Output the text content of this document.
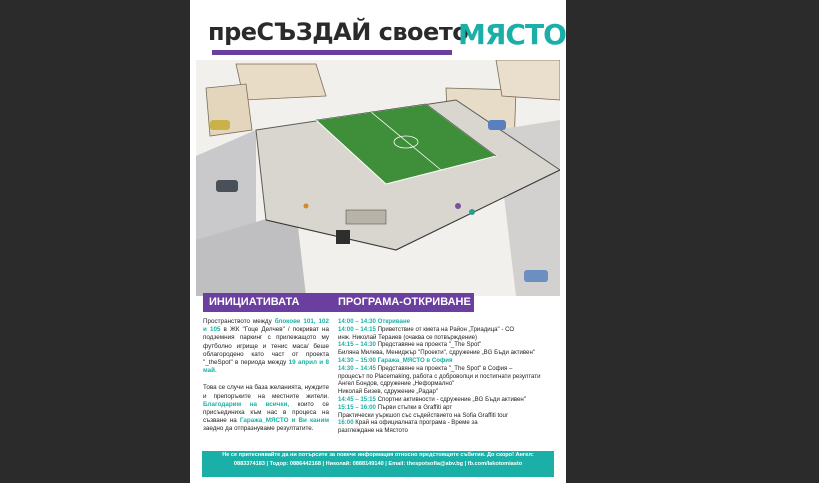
преСЪЗДАЙ своето
МЯСТО
ИНИЦИАТИВАТА	ПРОГРАМА-ОТКРИВАНЕ

Пространството между блокове 101, 102 и 105 в ЖК "Гоце Делчев" / покриват на подземния паркинг с прилежащото му футболно игрище и тенис маса/ беше облагородено като част от проекта "_theSpot" в периода между 19 април и 8 май.

Това се случи на база желанията, нуждите и препоръките на местните жители. Благодарим на всички, които се присъединиха към нас в процеса на съзване на Гаража_МЯСТО и Ви каним заедно да отпразнуваме резултатите.

14:00 – 14:30 Откриване
14:00 – 14:15 Приветствие от кмета на Район „Триадица" - СО
инж. Николай Тераиев (очаква се потвърждение)
14:15 – 14:30 Представяне на проекта "_The Spot"
Биляна Милева, Мениджър "Проекти", сдружение „BG Бъди активен"
14:30 – 15:00 Гаража_МЯСТО в София
14:30 – 14:45 Представяне на проекта "_The Spot" в София –
процесът по Placemaking, работа с доброволци и постигнати резултати
Ангел Бондов, сдружение „Неформално"
Николай Бизев, сдружение „Радар"
14:45 – 15:15 Спортни активности - сдружение „BG Бъди активен"
15:15 – 16:00 Първи стъпки в Graffiti арт
Практически уъркшоп със съдействието на Sofia Graffiti tour
16:00 Край на официалната програма - Време за
разглеждане на Мястото
Не се притеснявайте да ни потърсите за повече информация относно предстоящите събития. До скоро! Ангел:
0883374183 | Тодор: 0886442168 | Николай: 0888149140 | Email: thespotsofia@abv.bg | fb.com/lakotomiasto
